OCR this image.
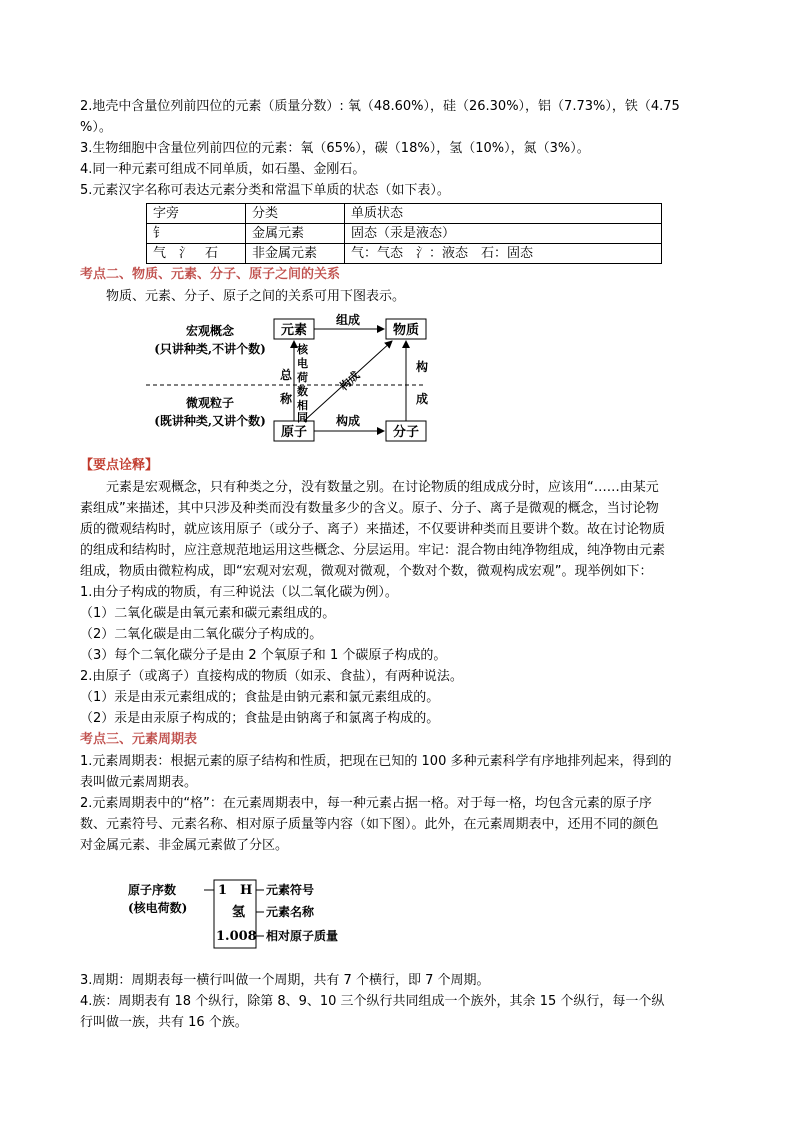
2.地壳中含量位列前四位的元素（质量分数）: 氧（48.60%），硅（26.30%），铝（7.73%），铁（4.75

%）。

3.生物细胞中含量位列前四位的元素：氧（65%），碳（18%），氢（10%），氮（3%）。

4.同一种元素可组成不同单质，如石墨、金刚石。

5.元素汉字名称可表达元素分类和常温下单质的状态（如下表）。

字旁	分类	单质状态
钅	金属元素	固态（汞是液态）
气　氵　石	非金属元素	气：气态　氵：液态　石：固态

考点二、物质、元素、分子、原子之间的关系

物质、元素、分子、原子之间的关系可用下图表示。

宏观概念
(只讲种类,不讲个数)
微观粒子
(既讲种类,又讲个数)
元素	物质
原子	分子
组成
构成
构
成
构成
总
称
核
电
荷
数
相
同

【要点诠释】

元素是宏观概念，只有种类之分，没有数量之别。在讨论物质的组成成分时，应该用“……由某元

素组成”来描述，其中只涉及种类而没有数量多少的含义。原子、分子、离子是微观的概念，当讨论物

质的微观结构时，就应该用原子（或分子、离子）来描述，不仅要讲种类而且要讲个数。故在讨论物质

的组成和结构时，应注意规范地运用这些概念、分层运用。牢记：混合物由纯净物组成，纯净物由元素

组成，物质由微粒构成，即“宏观对宏观，微观对微观，个数对个数，微观构成宏观”。现举例如下：

1.由分子构成的物质，有三种说法（以二氧化碳为例）。

（1）二氧化碳是由氧元素和碳元素组成的。

（2）二氧化碳是由二氧化碳分子构成的。

（3）每个二氧化碳分子是由 2 个氧原子和 1 个碳原子构成的。

2.由原子（或离子）直接构成的物质（如汞、食盐），有两种说法。

（1）汞是由汞元素组成的；食盐是由钠元素和氯元素组成的。

（2）汞是由汞原子构成的；食盐是由钠离子和氯离子构成的。

考点三、元素周期表

1.元素周期表：根据元素的原子结构和性质，把现在已知的 100 多种元素科学有序地排列起来，得到的

表叫做元素周期表。

2.元素周期表中的“格”：在元素周期表中，每一种元素占据一格。对于每一格，均包含元素的原子序

数、元素符号、元素名称、相对原子质量等内容（如下图）。此外，在元素周期表中，还用不同的颜色

对金属元素、非金属元素做了分区。

原子序数
(核电荷数)
1 H
氢
1.008
元素符号
元素名称
相对原子质量

3.周期：周期表每一横行叫做一个周期，共有 7 个横行，即 7 个周期。

4.族：周期表有 18 个纵行，除第 8、9、10 三个纵行共同组成一个族外，其余 15 个纵行，每一个纵

行叫做一族，共有 16 个族。
